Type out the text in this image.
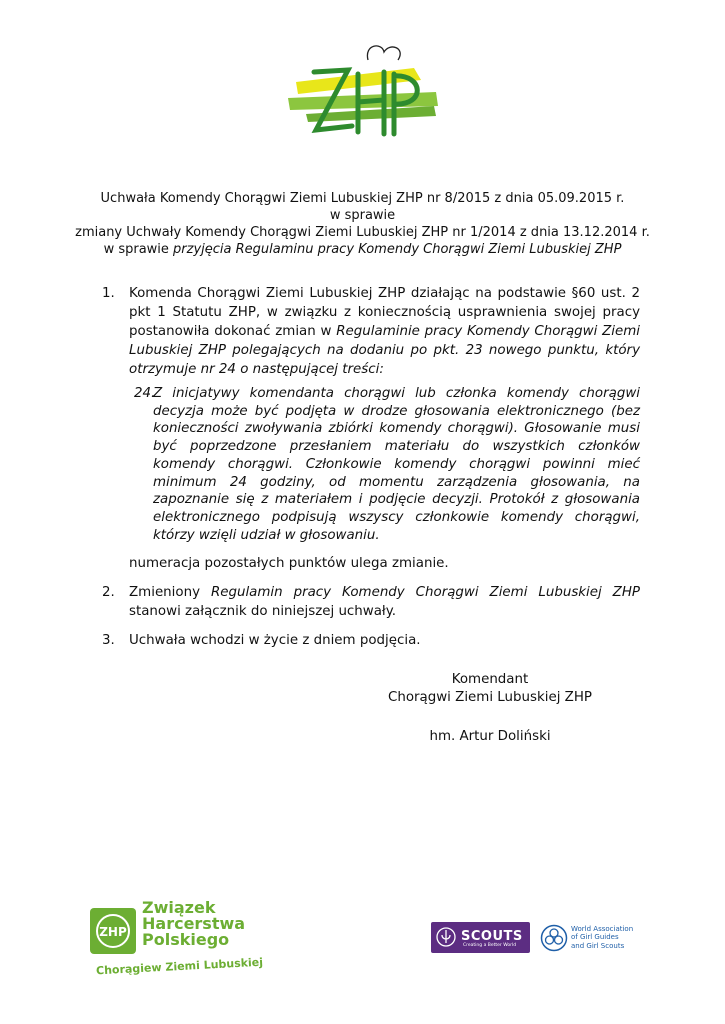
Uchwała Komendy Chorągwi Ziemi Lubuskiej ZHP nr 8/2015 z dnia 05.09.2015 r.
w sprawie
zmiany Uchwały Komendy Chorągwi Ziemi Lubuskiej ZHP nr 1/2014 z dnia 13.12.2014 r.
w sprawie przyjęcia Regulaminu pracy Komendy Chorągwi Ziemi Lubuskiej ZHP
1. Komenda Chorągwi Ziemi Lubuskiej ZHP działając na podstawie §60 ust. 2 pkt 1 Statutu ZHP, w związku z koniecznością usprawnienia swojej pracy postanowiła dokonać zmian w Regulaminie pracy Komendy Chorągwi Ziemi Lubuskiej ZHP polegających na dodaniu po pkt. 23 nowego punktu, który otrzymuje nr 24 o następującej treści:
24.
Z inicjatywy komendanta chorągwi lub członka komendy chorągwi decyzja może być podjęta w drodze głosowania elektronicznego (bez konieczności zwoływania zbiórki komendy chorągwi). Głosowanie musi być poprzedzone przesłaniem materiału do wszystkich członków komendy chorągwi. Członkowie komendy chorągwi powinni mieć minimum 24 godziny, od momentu zarządzenia głosowania, na zapoznanie się z materiałem i podjęcie decyzji. Protokół z głosowania elektronicznego podpisują wszyscy członkowie komendy chorągwi, którzy wzięli udział w głosowaniu.
numeracja pozostałych punktów ulega zmianie.
2. Zmieniony Regulamin pracy Komendy Chorągwi Ziemi Lubuskiej ZHP stanowi załącznik do niniejszej uchwały.
3. Uchwała wchodzi w życie z dniem podjęcia.
Komendant
Chorągwi Ziemi Lubuskiej ZHP
hm. Artur Doliński
ZHP
Związek
Harcerstwa
Polskiego
Chorągiew Ziemi Lubuskiej
SCOUTS
Creating a Better World
World Association
of Girl Guides
and Girl Scouts
